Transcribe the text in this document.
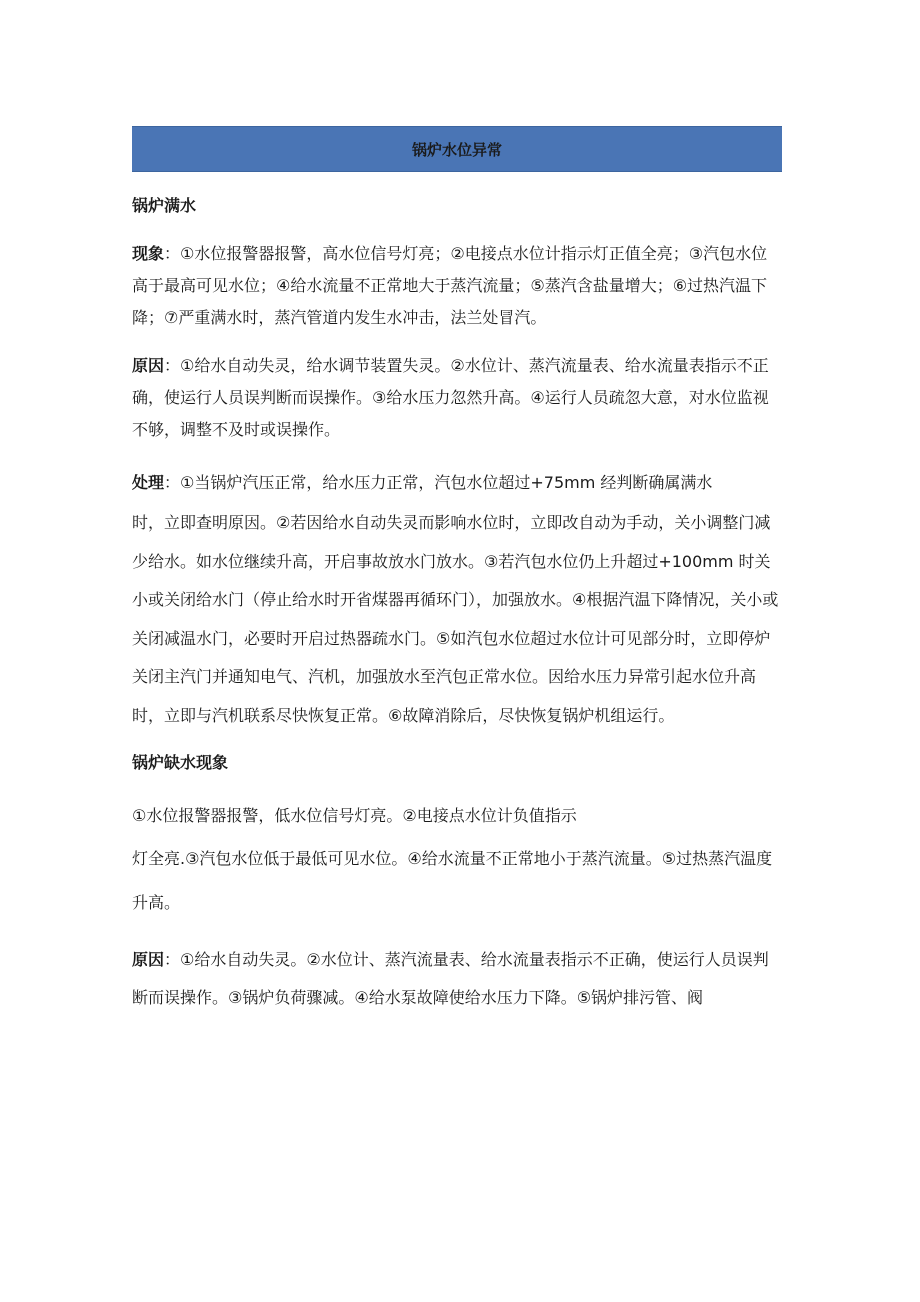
锅炉水位异常

锅炉满水

现象：①水位报警器报警，高水位信号灯亮；②电接点水位计指示灯正值全亮；③汽包水位高于最高可见水位；④给水流量不正常地大于蒸汽流量；⑤蒸汽含盐量增大；⑥过热汽温下降；⑦严重满水时，蒸汽管道内发生水冲击，法兰处冒汽。

原因：①给水自动失灵，给水调节装置失灵。②水位计、蒸汽流量表、给水流量表指示不正确，使运行人员误判断而误操作。③给水压力忽然升高。④运行人员疏忽大意，对水位监视不够，调整不及时或误操作。

处理：①当锅炉汽压正常，给水压力正常，汽包水位超过+75mm 经判断确属满水

时，立即查明原因。②若因给水自动失灵而影响水位时，立即改自动为手动，关小调整门减少给水。如水位继续升高，开启事故放水门放水。③若汽包水位仍上升超过+100mm 时关小或关闭给水门（停止给水时开省煤器再循环门），加强放水。④根据汽温下降情况，关小或关闭减温水门，必要时开启过热器疏水门。⑤如汽包水位超过水位计可见部分时，立即停炉关闭主汽门并通知电气、汽机，加强放水至汽包正常水位。因给水压力异常引起水位升高时，立即与汽机联系尽快恢复正常。⑥故障消除后，尽快恢复锅炉机组运行。

锅炉缺水现象

①水位报警器报警，低水位信号灯亮。②电接点水位计负值指示

灯全亮.③汽包水位低于最低可见水位。④给水流量不正常地小于蒸汽流量。⑤过热蒸汽温度升高。

原因：①给水自动失灵。②水位计、蒸汽流量表、给水流量表指示不正确，使运行人员误判断而误操作。③锅炉负荷骤减。④给水泵故障使给水压力下降。⑤锅炉排污管、阀
